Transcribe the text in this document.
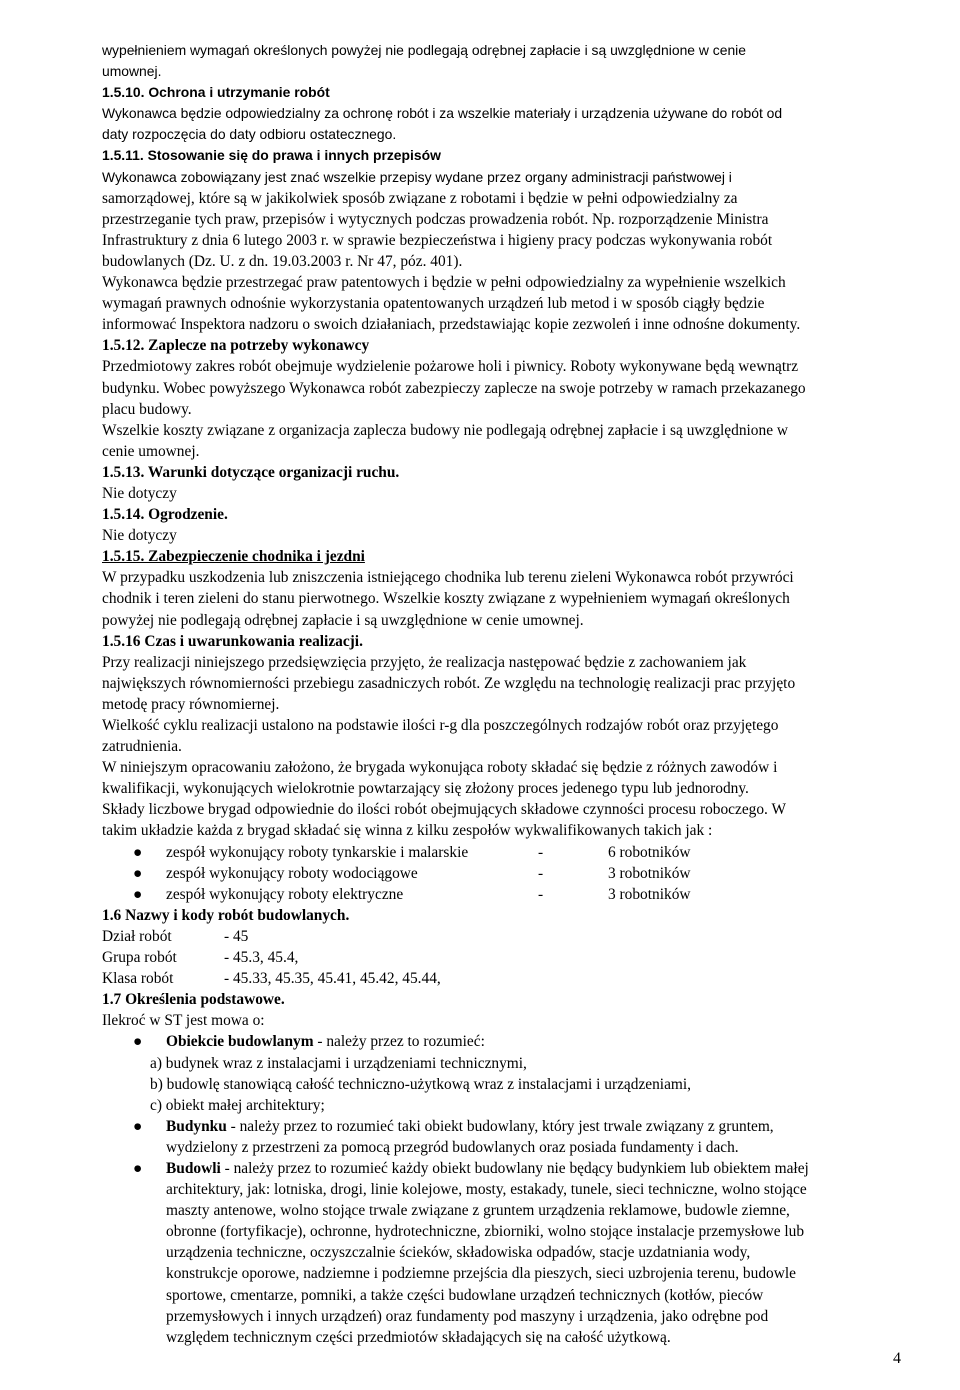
wypełnieniem wymagań określonych powyżej nie podlegają odrębnej zapłacie i są uwzględnione w cenie
umownej.
1.5.10. Ochrona i utrzymanie robót
Wykonawca będzie odpowiedzialny za ochronę robót i za wszelkie materiały i urządzenia używane do robót od
daty rozpoczęcia do daty odbioru ostatecznego.
1.5.11. Stosowanie się do prawa i innych przepisów
Wykonawca zobowiązany jest znać wszelkie przepisy wydane przez organy administracji państwowej i
samorządowej, które są w jakikolwiek sposób związane z robotami i będzie w pełni odpowiedzialny za
przestrzeganie tych praw, przepisów i wytycznych podczas prowadzenia robót. Np. rozporządzenie Ministra
Infrastruktury z dnia 6 lutego 2003 r. w sprawie bezpieczeństwa i higieny pracy podczas wykonywania robót
budowlanych (Dz. U. z dn. 19.03.2003 r. Nr 47, póz. 401).
Wykonawca będzie przestrzegać praw patentowych i będzie w pełni odpowiedzialny za wypełnienie wszelkich
wymagań prawnych odnośnie wykorzystania opatentowanych urządzeń lub metod i w sposób ciągły będzie
informować Inspektora nadzoru o swoich działaniach, przedstawiając kopie zezwoleń i inne odnośne dokumenty.
1.5.12. Zaplecze na potrzeby wykonawcy
Przedmiotowy zakres robót obejmuje wydzielenie pożarowe holi i piwnicy. Roboty wykonywane będą wewnątrz
budynku. Wobec powyższego Wykonawca robót zabezpieczy zaplecze na swoje potrzeby w ramach przekazanego
placu budowy.
Wszelkie koszty związane z organizacja zaplecza budowy nie podlegają odrębnej zapłacie i są uwzględnione w
cenie umownej.
1.5.13. Warunki dotyczące organizacji ruchu.
Nie dotyczy
1.5.14. Ogrodzenie.
Nie dotyczy
1.5.15. Zabezpieczenie chodnika i jezdni
W przypadku uszkodzenia lub zniszczenia istniejącego chodnika lub terenu zieleni Wykonawca robót przywróci
chodnik i teren zieleni do stanu pierwotnego. Wszelkie koszty związane z wypełnieniem wymagań określonych
powyżej nie podlegają odrębnej zapłacie i są uwzględnione w cenie umownej.
1.5.16 Czas i uwarunkowania realizacji.
Przy realizacji niniejszego przedsięwzięcia przyjęto, że realizacja następować będzie z zachowaniem jak
największych równomierności przebiegu zasadniczych robót. Ze względu na technologię realizacji prac przyjęto
metodę pracy równomiernej.
Wielkość cyklu realizacji ustalono na podstawie ilości r-g dla poszczególnych rodzajów robót oraz przyjętego
zatrudnienia.
W niniejszym opracowaniu założono, że brygada wykonująca roboty składać się będzie z różnych zawodów i
kwalifikacji, wykonujących wielokrotnie powtarzający się złożony proces jedenego typu lub jednorodny.
Składy liczbowe brygad odpowiednie do ilości robót obejmujących składowe czynności procesu roboczego. W
takim układzie każda z brygad składać się winna z kilku zespołów wykwalifikowanych takich jak :
● zespół wykonujący roboty tynkarskie i malarskie	-	6 robotników
● zespół wykonujący roboty wodociągowe	-	3 robotników
● zespół wykonujący roboty elektryczne	-	3 robotników
1.6 Nazwy i kody robót budowlanych.
Dział robót	- 45
Grupa robót	- 45.3, 45.4,
Klasa robót	- 45.33, 45.35, 45.41, 45.42, 45.44,
1.7 Określenia podstawowe.
Ilekroć w ST jest mowa o:
● Obiekcie budowlanym - należy przez to rozumieć:
a) budynek wraz z instalacjami i urządzeniami technicznymi,
b) budowlę stanowiącą całość techniczno-użytkową wraz z instalacjami i urządzeniami,
c) obiekt małej architektury;
● Budynku - należy przez to rozumieć taki obiekt budowlany, który jest trwale związany z gruntem,
wydzielony z przestrzeni za pomocą przegród budowlanych oraz posiada fundamenty i dach.
● Budowli - należy przez to rozumieć każdy obiekt budowlany nie będący budynkiem lub obiektem małej
architektury, jak: lotniska, drogi, linie kolejowe, mosty, estakady, tunele, sieci techniczne, wolno stojące
maszty antenowe, wolno stojące trwale związane z gruntem urządzenia reklamowe, budowle ziemne,
obronne (fortyfikacje), ochronne, hydrotechniczne, zbiorniki, wolno stojące instalacje przemysłowe lub
urządzenia techniczne, oczyszczalnie ścieków, składowiska odpadów, stacje uzdatniania wody,
konstrukcje oporowe, nadziemne i podziemne przejścia dla pieszych, sieci uzbrojenia terenu, budowle
sportowe, cmentarze, pomniki, a także części budowlane urządzeń technicznych (kotłów, pieców
przemysłowych i innych urządzeń) oraz fundamenty pod maszyny i urządzenia, jako odrębne pod
względem technicznym części przedmiotów składających się na całość użytkową.
4
